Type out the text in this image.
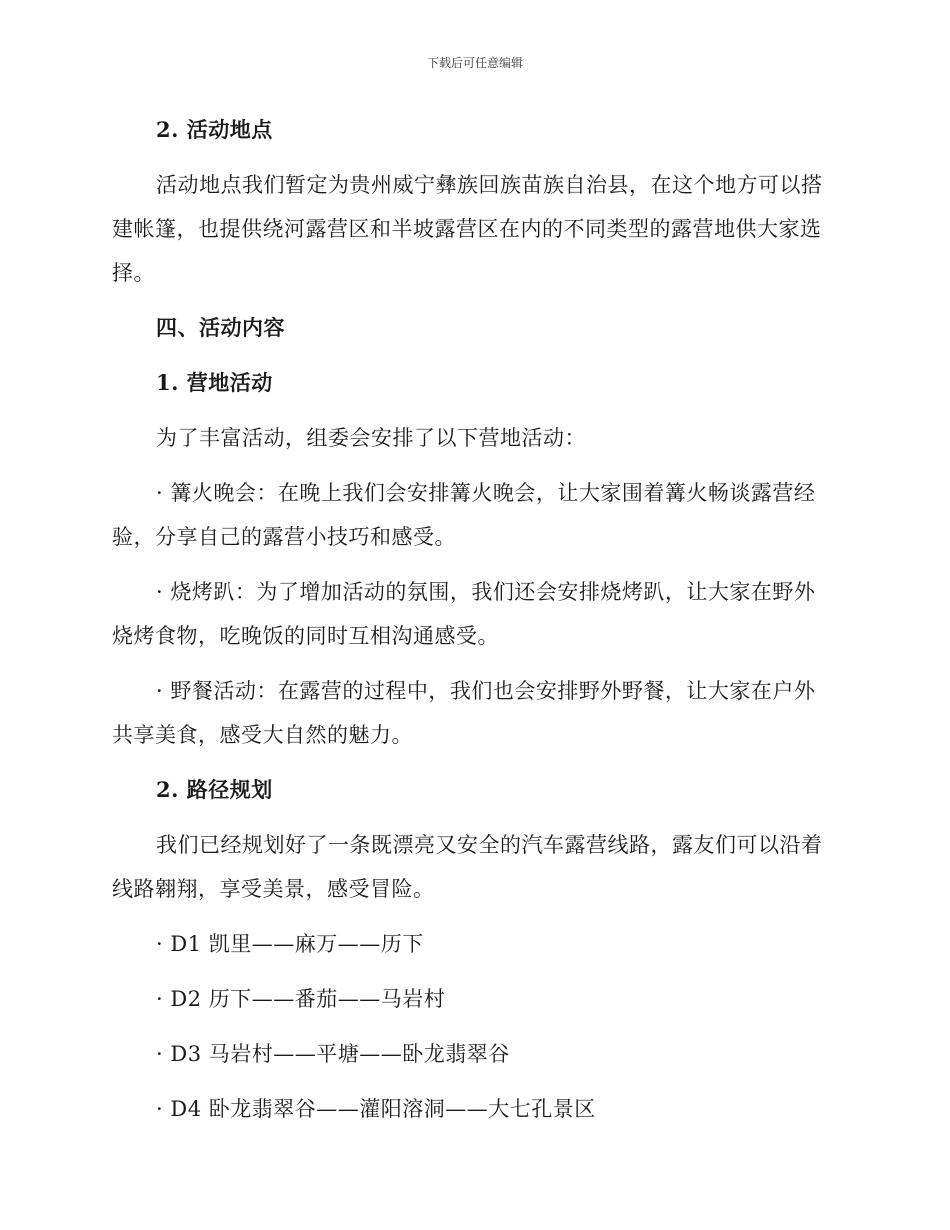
下载后可任意编辑

2. 活动地点

活动地点我们暂定为贵州威宁彝族回族苗族自治县，在这个地方可以搭建帐篷，也提供绕河露营区和半坡露营区在内的不同类型的露营地供大家选择。

四、活动内容

1. 营地活动

为了丰富活动，组委会安排了以下营地活动：

· 篝火晚会：在晚上我们会安排篝火晚会，让大家围着篝火畅谈露营经验，分享自己的露营小技巧和感受。

· 烧烤趴：为了增加活动的氛围，我们还会安排烧烤趴，让大家在野外烧烤食物，吃晚饭的同时互相沟通感受。

· 野餐活动：在露营的过程中，我们也会安排野外野餐，让大家在户外共享美食，感受大自然的魅力。

2. 路径规划

我们已经规划好了一条既漂亮又安全的汽车露营线路，露友们可以沿着线路翱翔，享受美景，感受冒险。

· D1 凯里——麻万——历下

· D2 历下——番茄——马岩村

· D3 马岩村——平塘——卧龙翡翠谷

· D4 卧龙翡翠谷——灌阳溶洞——大七孔景区
